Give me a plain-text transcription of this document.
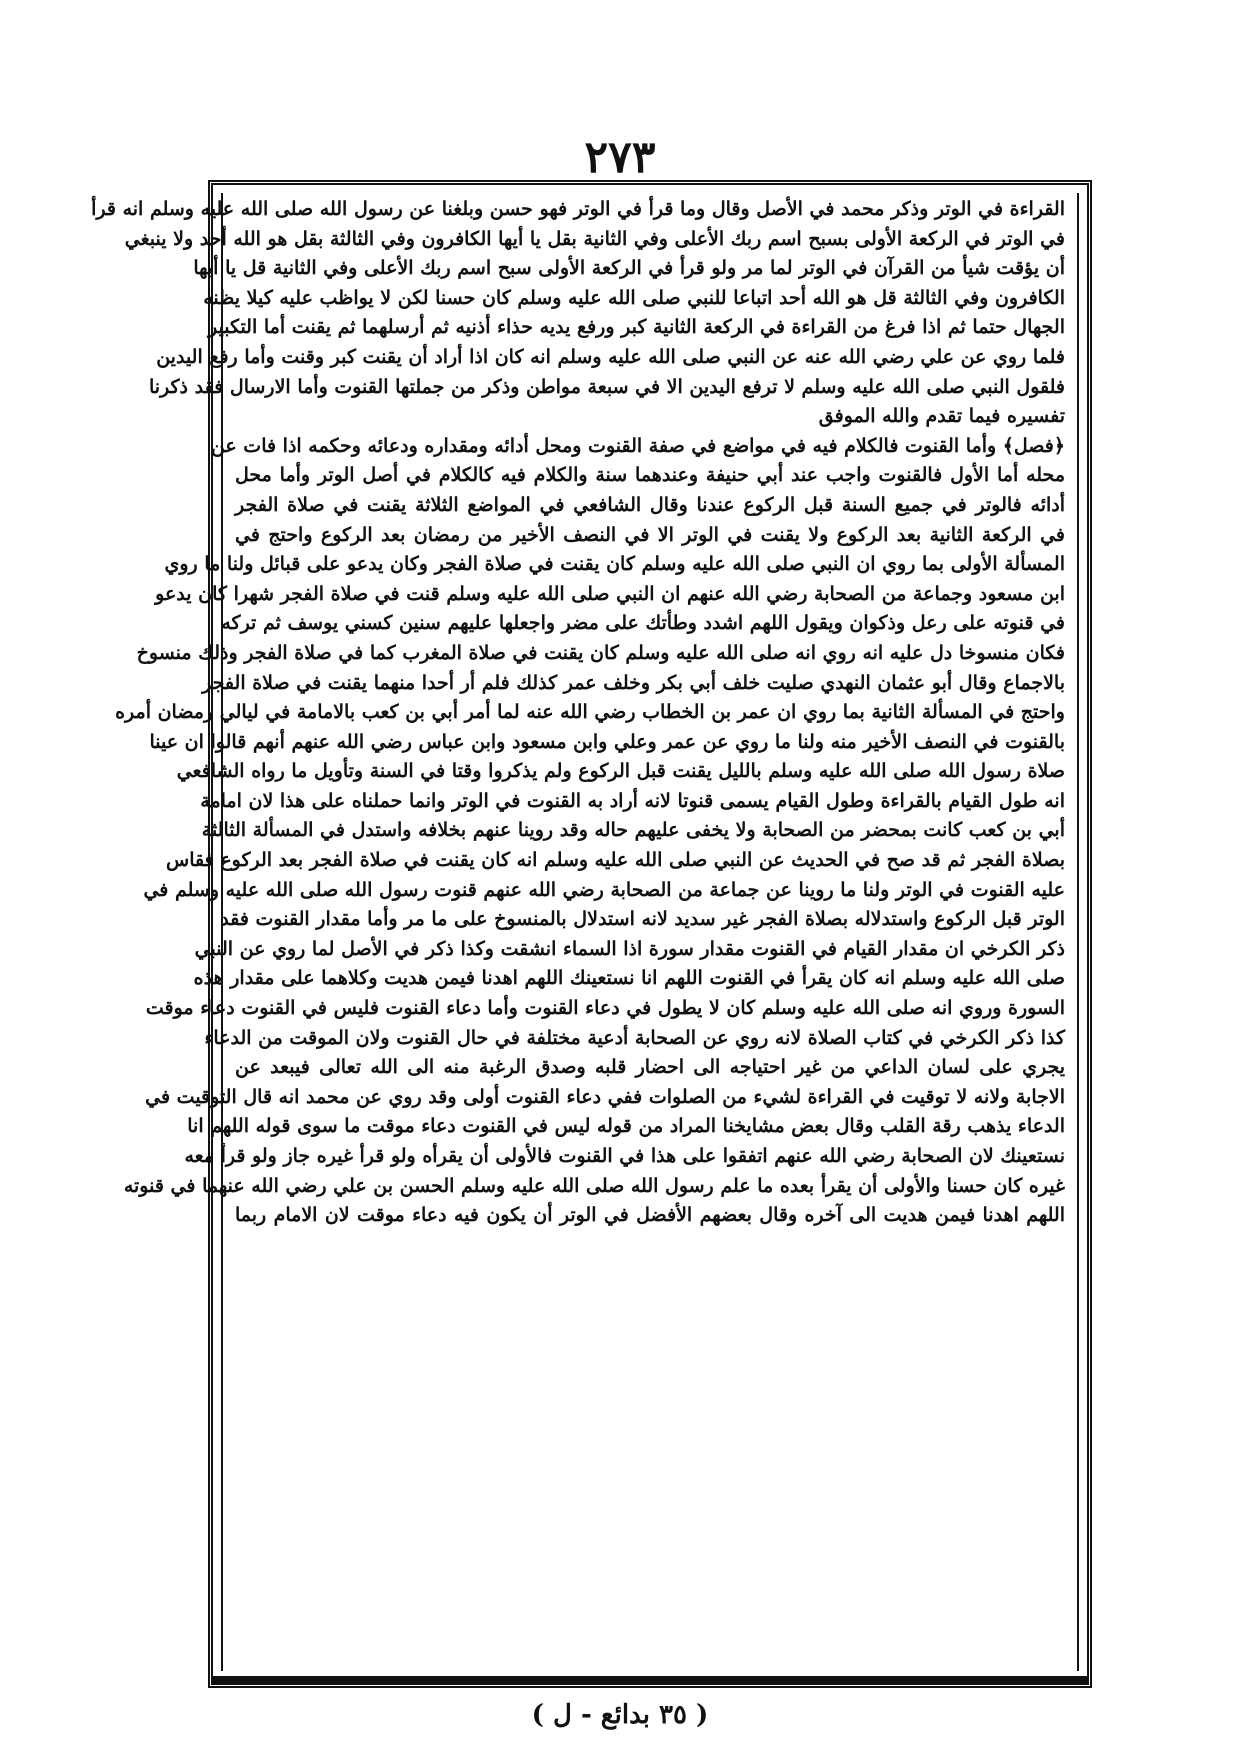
٢٧٣
القراءة في الوتر وذكر محمد في الأصل وقال وما قرأ في الوتر فهو حسن وبلغنا عن رسول الله صلى الله عليه وسلم انه قرأ
في الوتر في الركعة الأولى بسبح اسم ربك الأعلى وفي الثانية بقل يا أيها الكافرون وفي الثالثة بقل هو الله أحد ولا ينبغي
أن يؤقت شيأ من القرآن في الوتر لما مر ولو قرأ في الركعة الأولى سبح اسم ربك الأعلى وفي الثانية قل يا أيها
الكافرون وفي الثالثة قل هو الله أحد اتباعا للنبي صلى الله عليه وسلم كان حسنا لكن لا يواظب عليه كيلا يظنه
الجهال حتما ثم اذا فرغ من القراءة في الركعة الثانية كبر ورفع يديه حذاء أذنيه ثم أرسلهما ثم يقنت أما التكبير
فلما روي عن علي رضي الله عنه عن النبي صلى الله عليه وسلم انه كان اذا أراد أن يقنت كبر وقنت وأما رفع اليدين
فلقول النبي صلى الله عليه وسلم لا ترفع اليدين الا في سبعة مواطن وذكر من جملتها القنوت وأما الارسال فقد ذكرنا
تفسيره فيما تقدم والله الموفق
﴿فصل﴾ وأما القنوت فالكلام فيه في مواضع في صفة القنوت ومحل أدائه ومقداره ودعائه وحكمه اذا فات عن
محله أما الأول فالقنوت واجب عند أبي حنيفة وعندهما سنة والكلام فيه كالكلام في أصل الوتر وأما محل
أدائه فالوتر في جميع السنة قبل الركوع عندنا وقال الشافعي في المواضع الثلاثة يقنت في صلاة الفجر
في الركعة الثانية بعد الركوع ولا يقنت في الوتر الا في النصف الأخير من رمضان بعد الركوع واحتج في
المسألة الأولى بما روي ان النبي صلى الله عليه وسلم كان يقنت في صلاة الفجر وكان يدعو على قبائل ولنا ما روي
ابن مسعود وجماعة من الصحابة رضي الله عنهم ان النبي صلى الله عليه وسلم قنت في صلاة الفجر شهرا كان يدعو
في قنوته على رعل وذكوان ويقول اللهم اشدد وطأتك على مضر واجعلها عليهم سنين كسني يوسف ثم تركه
فكان منسوخا دل عليه انه روي انه صلى الله عليه وسلم كان يقنت في صلاة المغرب كما في صلاة الفجر وذلك منسوخ
بالاجماع وقال أبو عثمان النهدي صليت خلف أبي بكر وخلف عمر كذلك فلم أر أحدا منهما يقنت في صلاة الفجر
واحتج في المسألة الثانية بما روي ان عمر بن الخطاب رضي الله عنه لما أمر أبي بن كعب بالامامة في ليالي رمضان أمره
بالقنوت في النصف الأخير منه ولنا ما روي عن عمر وعلي وابن مسعود وابن عباس رضي الله عنهم أنهم قالوا ان عينا
صلاة رسول الله صلى الله عليه وسلم بالليل يقنت قبل الركوع ولم يذكروا وقتا في السنة وتأويل ما رواه الشافعي
انه طول القيام بالقراءة وطول القيام يسمى قنوتا لانه أراد به القنوت في الوتر وانما حملناه على هذا لان امامة
أبي بن كعب كانت بمحضر من الصحابة ولا يخفى عليهم حاله وقد روينا عنهم بخلافه واستدل في المسألة الثالثة
بصلاة الفجر ثم قد صح في الحديث عن النبي صلى الله عليه وسلم انه كان يقنت في صلاة الفجر بعد الركوع فقاس
عليه القنوت في الوتر ولنا ما روينا عن جماعة من الصحابة رضي الله عنهم قنوت رسول الله صلى الله عليه وسلم في
الوتر قبل الركوع واستدلاله بصلاة الفجر غير سديد لانه استدلال بالمنسوخ على ما مر وأما مقدار القنوت فقد
ذكر الكرخي ان مقدار القيام في القنوت مقدار سورة اذا السماء انشقت وكذا ذكر في الأصل لما روي عن النبي
صلى الله عليه وسلم انه كان يقرأ في القنوت اللهم انا نستعينك اللهم اهدنا فيمن هديت وكلاهما على مقدار هذه
السورة وروي انه صلى الله عليه وسلم كان لا يطول في دعاء القنوت وأما دعاء القنوت فليس في القنوت دعاء موقت
كذا ذكر الكرخي في كتاب الصلاة لانه روي عن الصحابة أدعية مختلفة في حال القنوت ولان الموقت من الدعاء
يجري على لسان الداعي من غير احتياجه الى احضار قلبه وصدق الرغبة منه الى الله تعالى فيبعد عن
الاجابة ولانه لا توقيت في القراءة لشيء من الصلوات ففي دعاء القنوت أولى وقد روي عن محمد انه قال التوقيت في
الدعاء يذهب رقة القلب وقال بعض مشايخنا المراد من قوله ليس في القنوت دعاء موقت ما سوى قوله اللهم انا
نستعينك لان الصحابة رضي الله عنهم اتفقوا على هذا في القنوت فالأولى أن يقرأه ولو قرأ غيره جاز ولو قرأ معه
غيره كان حسنا والأولى أن يقرأ بعده ما علم رسول الله صلى الله عليه وسلم الحسن بن علي رضي الله عنهما في قنوته
اللهم اهدنا فيمن هديت الى آخره وقال بعضهم الأفضل في الوتر أن يكون فيه دعاء موقت لان الامام ربما
( ٣٥ بدائع - ل )
